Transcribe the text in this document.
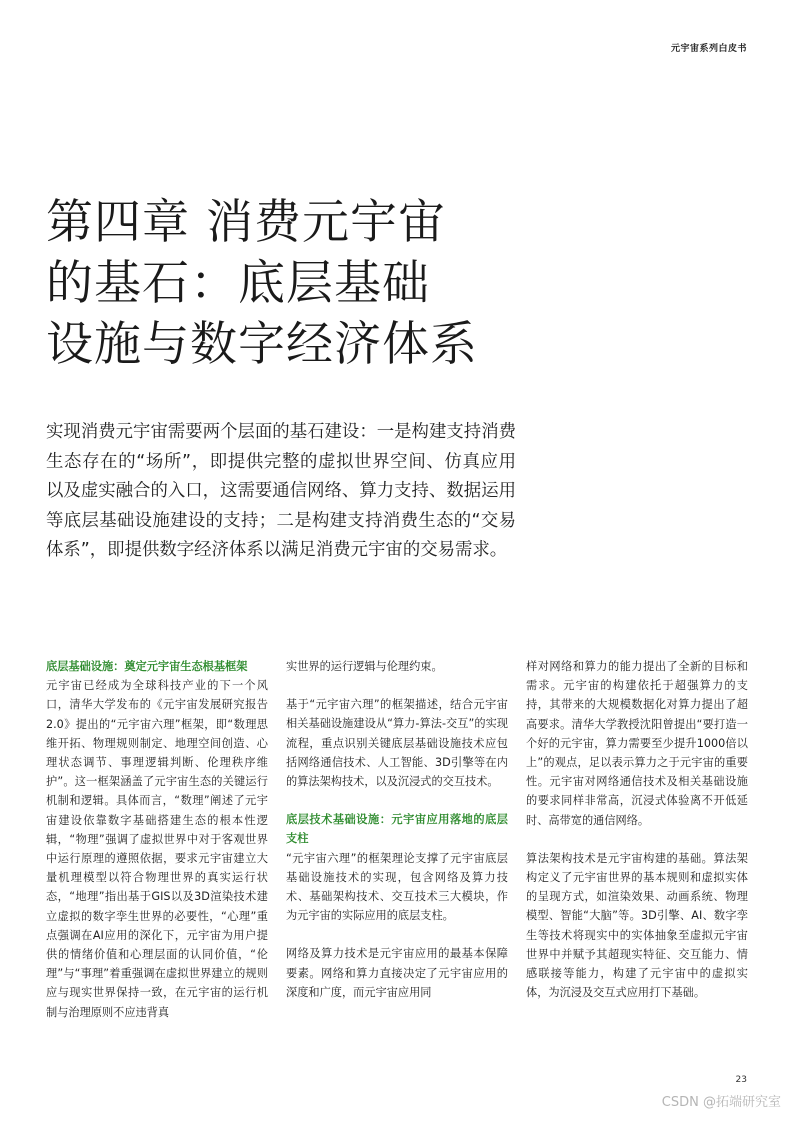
元宇宙系列白皮书
第四章 消费元宇宙
的基石：底层基础
设施与数字经济体系

实现消费元宇宙需要两个层面的基石建设：一是构建支持消费生态存在的“场所”，即提供完整的虚拟世界空间、仿真应用以及虚实融合的入口，这需要通信网络、算力支持、数据运用等底层基础设施建设的支持；二是构建支持消费生态的“交易体系”，即提供数字经济体系以满足消费元宇宙的交易需求。

底层基础设施：奠定元宇宙生态根基框架

元宇宙已经成为全球科技产业的下一个风口，清华大学发布的《元宇宙发展研究报告2.0》提出的“元宇宙六理”框架，即“数理思维开拓、物理规则制定、地理空间创造、心理状态调节、事理逻辑判断、伦理秩序维护”。这一框架涵盖了元宇宙生态的关键运行机制和逻辑。具体而言，“数理”阐述了元宇宙建设依靠数字基础搭建生态的根本性逻辑，“物理”强调了虚拟世界中对于客观世界中运行原理的遵照依据，要求元宇宙建立大量机理模型以符合物理世界的真实运行状态，“地理”指出基于GIS以及3D渲染技术建立虚拟的数字孪生世界的必要性，“心理”重点强调在AI应用的深化下，元宇宙为用户提供的情绪价值和心理层面的认同价值，“伦理”与“事理”着重强调在虚拟世界建立的规则应与现实世界保持一致，在元宇宙的运行机制与治理原则不应违背真

实世界的运行逻辑与伦理约束。

基于“元宇宙六理”的框架描述，结合元宇宙相关基础设施建设从“算力-算法-交互”的实现流程，重点识别关键底层基础设施技术应包括网络通信技术、人工智能、3D引擎等在内的算法架构技术，以及沉浸式的交互技术。

底层技术基础设施：元宇宙应用落地的底层支柱

“元宇宙六理”的框架理论支撑了元宇宙底层基础设施技术的实现，包含网络及算力技术、基础架构技术、交互技术三大模块，作为元宇宙的实际应用的底层支柱。

网络及算力技术是元宇宙应用的最基本保障要素。网络和算力直接决定了元宇宙应用的深度和广度，而元宇宙应用同

样对网络和算力的能力提出了全新的目标和需求。元宇宙的构建依托于超强算力的支持，其带来的大规模数据化对算力提出了超高要求。清华大学教授沈阳曾提出“要打造一个好的元宇宙，算力需要至少提升1000倍以上”的观点，足以表示算力之于元宇宙的重要性。元宇宙对网络通信技术及相关基础设施的要求同样非常高，沉浸式体验离不开低延时、高带宽的通信网络。

算法架构技术是元宇宙构建的基础。算法架构定义了元宇宙世界的基本规则和虚拟实体的呈现方式，如渲染效果、动画系统、物理模型、智能“大脑”等。3D引擎、AI、数字孪生等技术将现实中的实体抽象至虚拟元宇宙世界中并赋予其超现实特征、交互能力、情感联接等能力，构建了元宇宙中的虚拟实体，为沉浸及交互式应用打下基础。

23
CSDN @拓端研究室
